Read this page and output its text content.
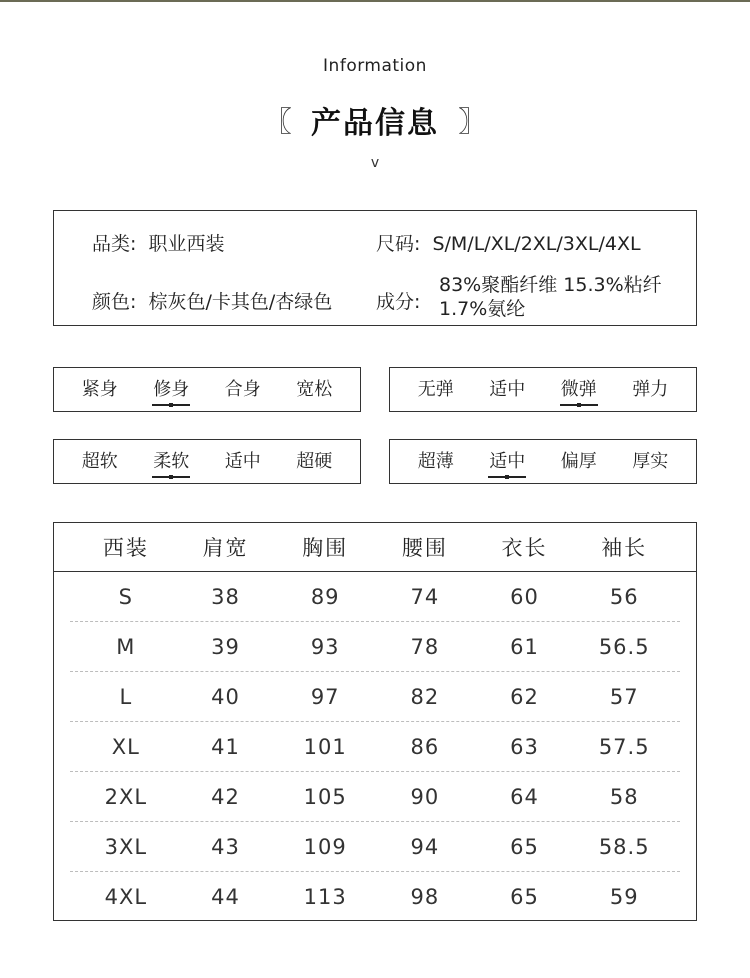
Information
〖 产品信息 〗
v
品类: 职业西装	尺码: S/M/L/XL/2XL/3XL/4XL
颜色: 棕灰色/卡其色/杏绿色 成分:
83%聚酯纤维 15.3%粘纤 1.7%氨纶
紧身 修身 合身 宽松	无弹 适中 微弹 弹力
超软 柔软 适中 超硬	超薄 适中 偏厚 厚实
西装	肩宽	胸围	腰围	衣长	袖长
S	38	89	74	60	56
M	39	93	78	61	56.5
L	40	97	82	62	57
XL	41	101	86	63	57.5
2XL	42	105	90	64	58
3XL	43	109	94	65	58.5
4XL	44	113	98	65	59
